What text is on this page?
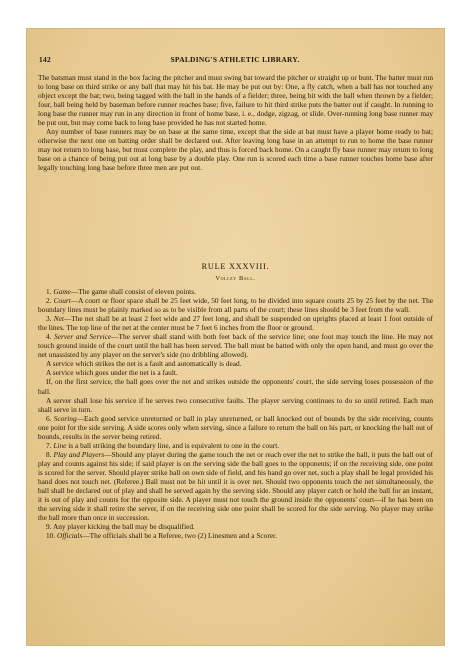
142	SPALDING'S ATHLETIC LIBRARY.

The batsman must stand in the box facing the pitcher and must swing bat toward the pitcher or straight up or bunt. The batter must run to long base on third strike or any ball that may hit his bat. He may be put out by: One, a fly catch, when a ball has not touched any object except the bat; two, being tagged with the ball in the hands of a fielder; three, being hit with the ball when thrown by a fielder; four, ball being held by baseman before runner reaches base; five, failure to hit third strike puts the batter out if caught. In running to long base the runner may run in any direction in front of home base, i. e., dodge, zigzag, or slide. Over-running long base runner may be put out, but may come back to long base provided he has not started home.

Any number of base runners may be on base at the same time, except that the side at bat must have a player home ready to bat; otherwise the next one on batting order shall be declared out. After leaving long base in an attempt to run to home the base runner may not return to long base, but must complete the play, and thus is forced back home. On a caught fly base runner may return to long base on a chance of being put out at long base by a double play. One run is scored each time a base runner touches home base after legally touching long base before three men are put out.

RULE XXXVIII.
Volley Ball.

1. Game—The game shall consist of eleven points.

2. Court—A court or floor space shall be 25 feet wide, 50 feet long, to be divided into square courts 25 by 25 feet by the net. The boundary lines must be plainly marked so as to be visible from all parts of the court; these lines should be 3 feet from the wall.

3. Net—The net shall be at least 2 feet wide and 27 feet long, and shall be suspended on uprights placed at least 1 foot outside of the lines. The top line of the net at the center must be 7 feet 6 inches from the floor or ground.

4. Server and Service—The server shall stand with both feet back of the service line; one foot may touch the line. He may not touch ground inside of the court until the ball has been served. The ball must be batted with only the open hand, and must go over the net unassisted by any player on the server's side (no dribbling allowed).

A service which strikes the net is a fault and automatically is dead.

A service which goes under the net is a fault.

If, on the first service, the ball goes over the net and strikes outside the opponents' court, the side serving loses possession of the ball.

A server shall lose his service if he serves two consecutive faults. The player serving continues to do so until retired. Each man shall serve in turn.

6. Scoring—Each good service unreturned or ball in play unreturned, or ball knocked out of bounds by the side receiving, counts one point for the side serving. A side scores only when serving, since a failure to return the ball on his part, or knocking the ball out of bounds, results in the server being retired.

7. Line is a ball striking the boundary line, and is equivalent to one in the court.

8. Play and Players—Should any player during the game touch the net or reach over the net to strike the ball, it puts the ball out of play and counts against his side; if said player is on the serving side the ball goes to the opponents; if on the receiving side, one point is scored for the server. Should player strike ball on own side of field, and his hand go over net, such a play shall be legal provided his hand does not touch net. (Referee.) Ball must not be hit until it is over net. Should two opponents touch the net simultaneously, the ball shall be declared out of play and shall be served again by the serving side. Should any player catch or hold the ball for an instant, it is out of play and counts for the opposite side. A player must not touch the ground inside the opponents' court—if he has been on the serving side it shall retire the server, if on the receiving side one point shall be scored for the side serving. No player may strike the ball more than once in succession.

9. Any player kicking the ball may be disqualified.

10. Officials—The officials shall be a Referee, two (2) Linesmen and a Scorer.
